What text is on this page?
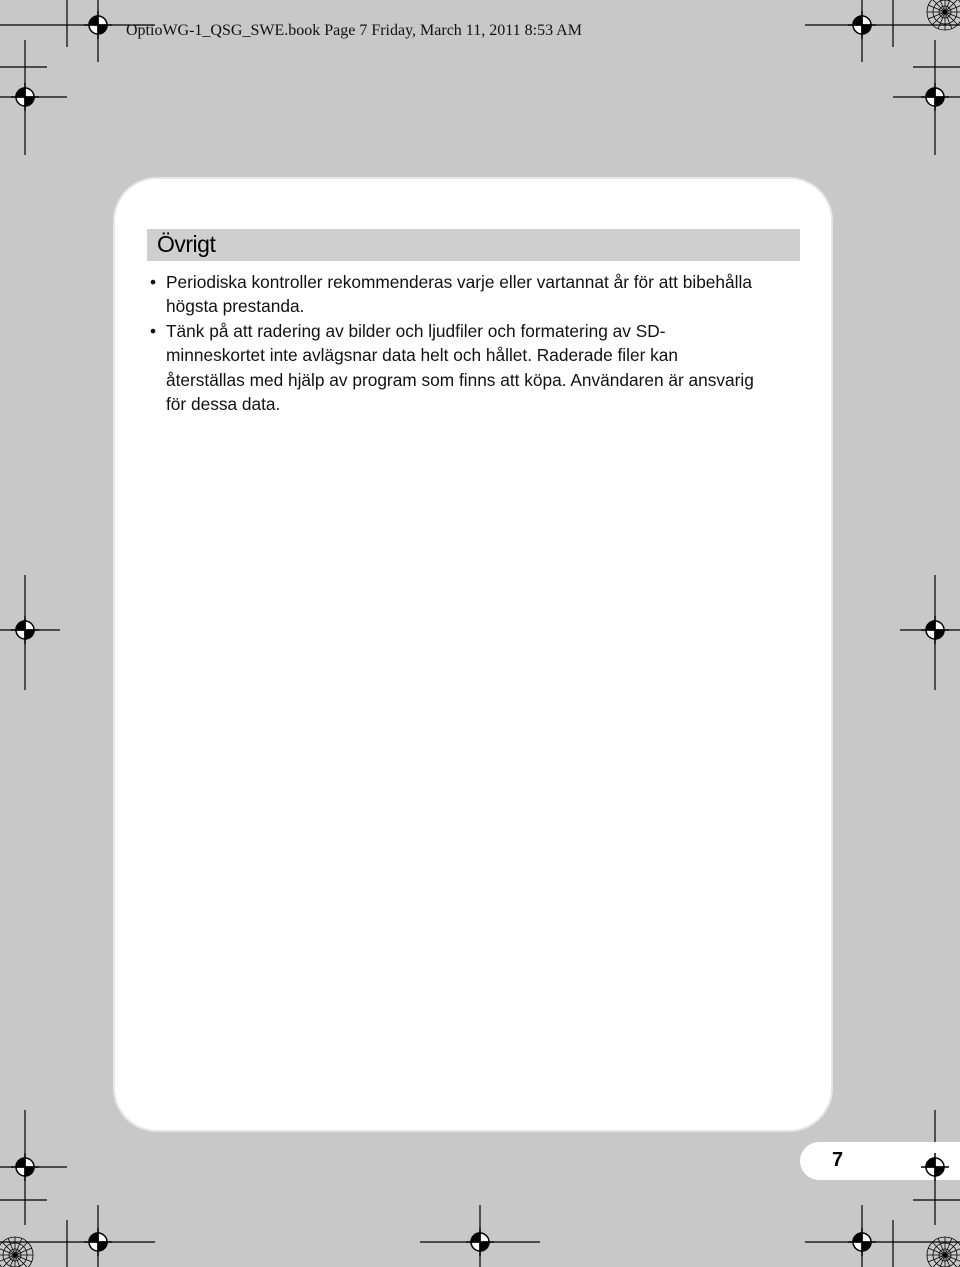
OptioWG-1_QSG_SWE.book Page 7 Friday, March 11, 2011 8:53 AM
Övrigt
• Periodiska kontroller rekommenderas varje eller vartannat år för att bibehålla högsta prestanda.
• Tänk på att radering av bilder och ljudfiler och formatering av SD-minneskortet inte avlägsnar data helt och hållet. Raderade filer kan återställas med hjälp av program som finns att köpa. Användaren är ansvarig för dessa data.
7
